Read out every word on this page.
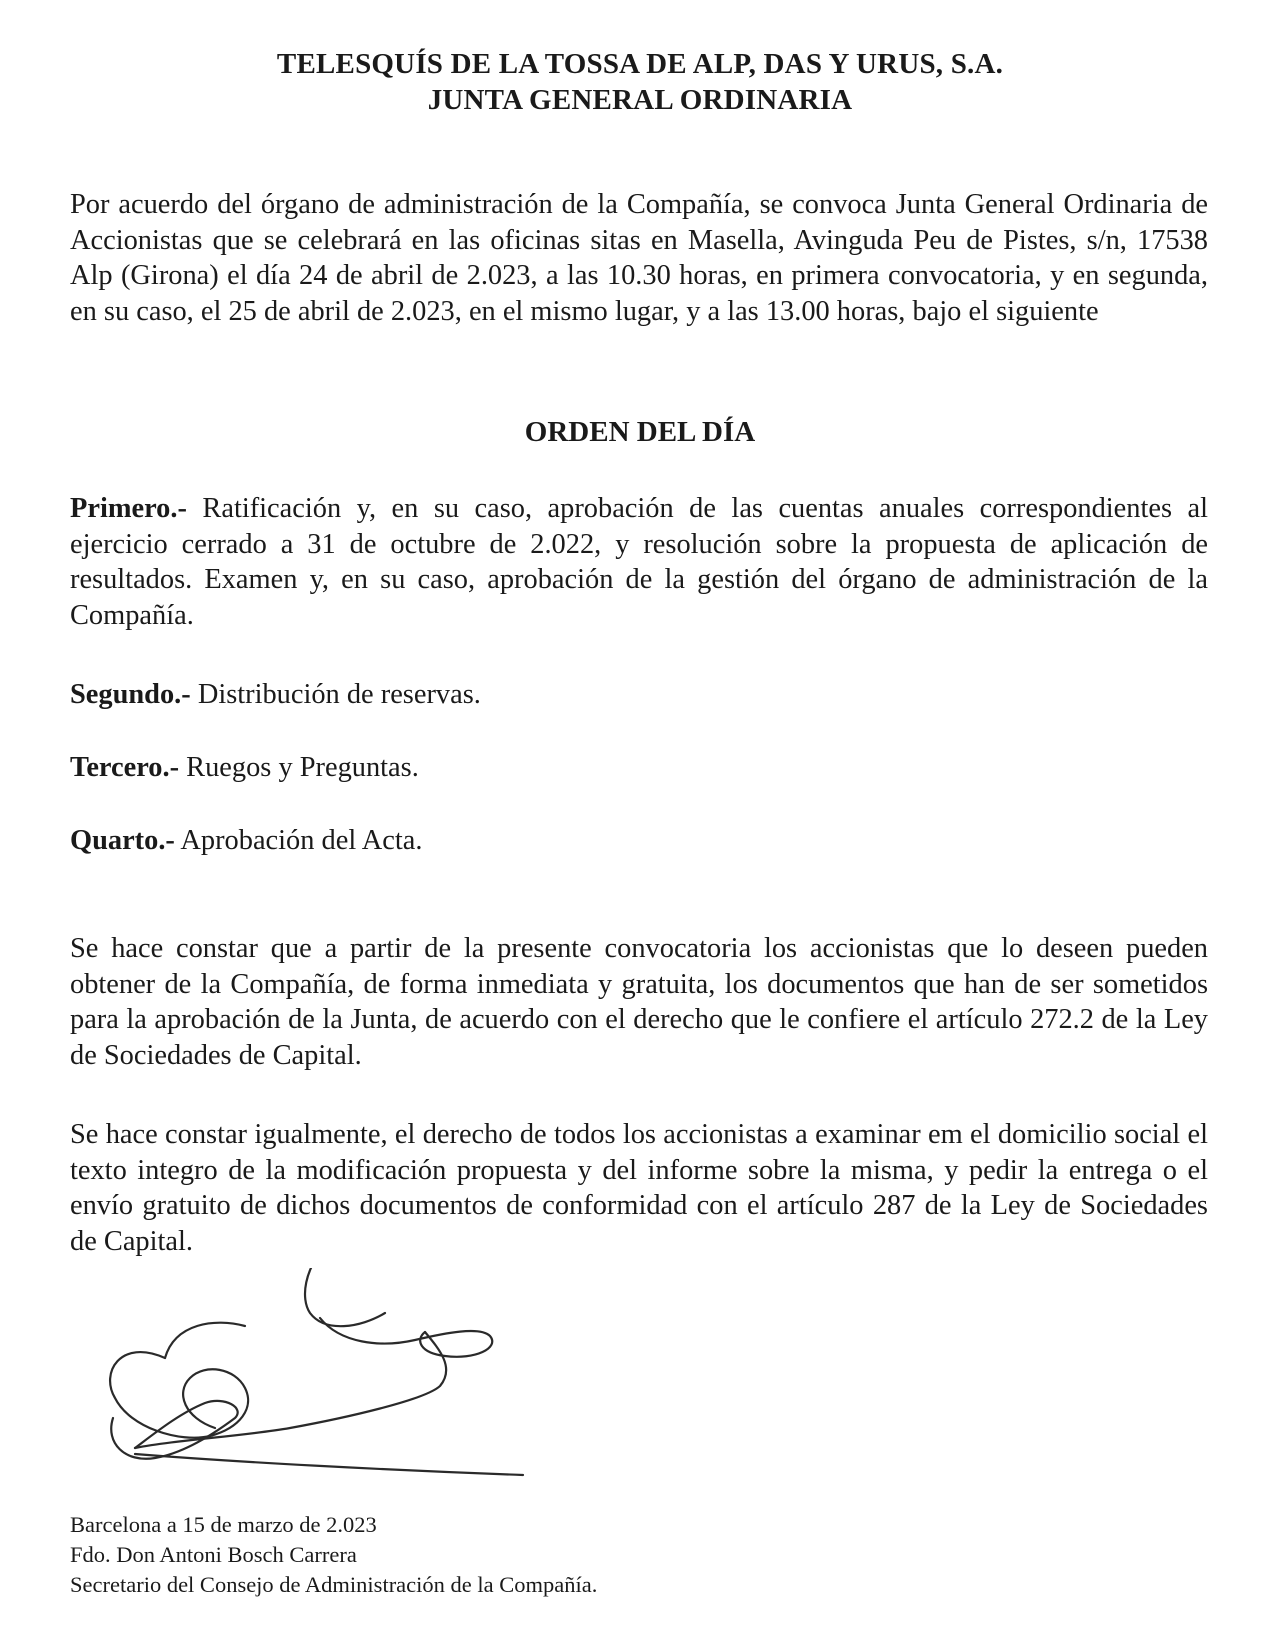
TELESQUÍS DE LA TOSSA DE ALP, DAS Y URUS, S.A.
JUNTA GENERAL ORDINARIA

Por acuerdo del órgano de administración de la Compañía, se convoca Junta General Ordinaria de Accionistas que se celebrará en las oficinas sitas en Masella, Avinguda Peu de Pistes, s/n, 17538 Alp (Girona) el día 24 de abril de 2.023, a las 10.30 horas, en primera convocatoria, y en segunda, en su caso, el 25 de abril de 2.023, en el mismo lugar, y a las 13.00 horas, bajo el siguiente

ORDEN DEL DÍA

Primero.- Ratificación y, en su caso, aprobación de las cuentas anuales correspondientes al ejercicio cerrado a 31 de octubre de 2.022, y resolución sobre la propuesta de aplicación de resultados. Examen y, en su caso, aprobación de la gestión del órgano de administración de la Compañía.

Segundo.- Distribución de reservas.

Tercero.- Ruegos y Preguntas.

Quarto.- Aprobación del Acta.

Se hace constar que a partir de la presente convocatoria los accionistas que lo deseen pueden obtener de la Compañía, de forma inmediata y gratuita, los documentos que han de ser sometidos para la aprobación de la Junta, de acuerdo con el derecho que le confiere el artículo 272.2 de la Ley de Sociedades de Capital.

Se hace constar igualmente, el derecho de todos los accionistas a examinar em el domicilio social el texto integro de la modificación propuesta y del informe sobre la misma, y pedir la entrega o el envío gratuito de dichos documentos de conformidad con el artículo 287 de la Ley de Sociedades de Capital.

Barcelona a 15 de marzo de 2.023
Fdo. Don Antoni Bosch Carrera
Secretario del Consejo de Administración de la Compañía.
